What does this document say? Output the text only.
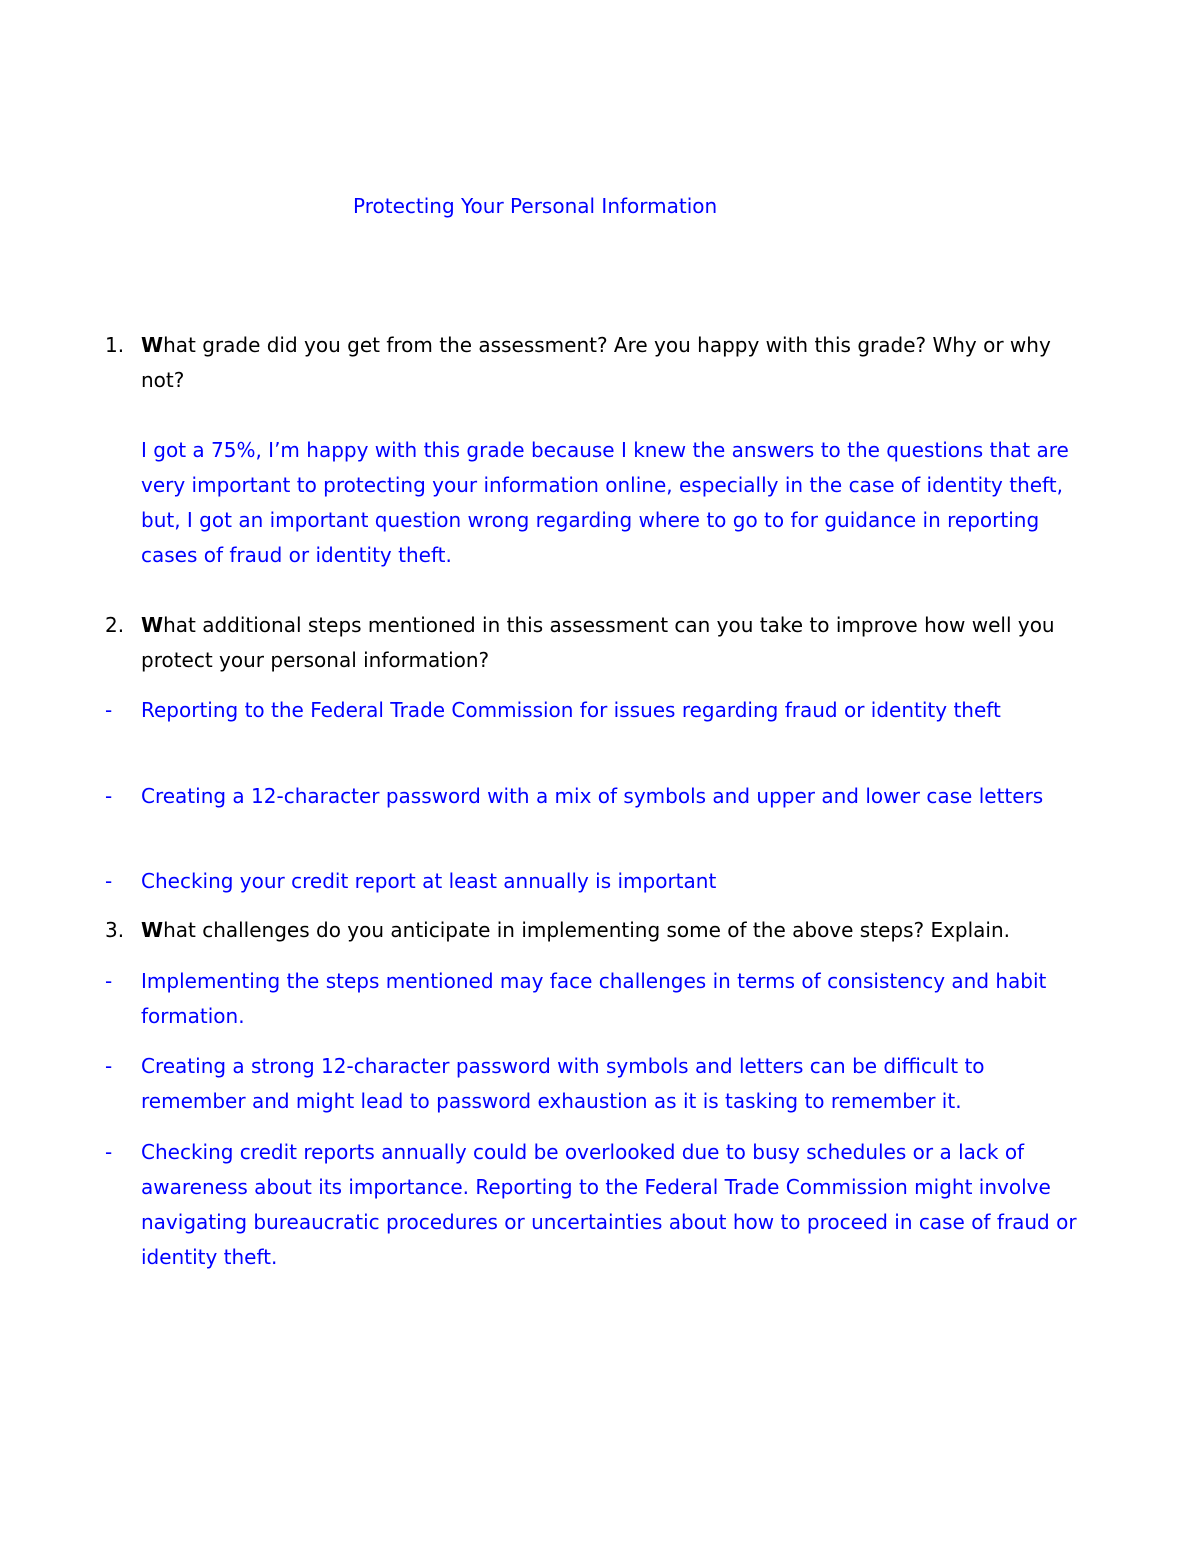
Protecting Your Personal Information
1. What grade did you get from the assessment? Are you happy with this grade? Why or why not?
I got a 75%, I’m happy with this grade because I knew the answers to the questions that are very important to protecting your information online, especially in the case of identity theft, but, I got an important question wrong regarding where to go to for guidance in reporting cases of fraud or identity theft.
2. What additional steps mentioned in this assessment can you take to improve how well you protect your personal information?
-	Reporting to the Federal Trade Commission for issues regarding fraud or identity theft
-	Creating a 12-character password with a mix of symbols and upper and lower case letters
-	Checking your credit report at least annually is important
3. What challenges do you anticipate in implementing some of the above steps? Explain.
-	Implementing the steps mentioned may face challenges in terms of consistency and habit formation.
-	Creating a strong 12-character password with symbols and letters can be difficult to remember and might lead to password exhaustion as it is tasking to remember it.
-	Checking credit reports annually could be overlooked due to busy schedules or a lack of awareness about its importance. Reporting to the Federal Trade Commission might involve navigating bureaucratic procedures or uncertainties about how to proceed in case of fraud or identity theft.
